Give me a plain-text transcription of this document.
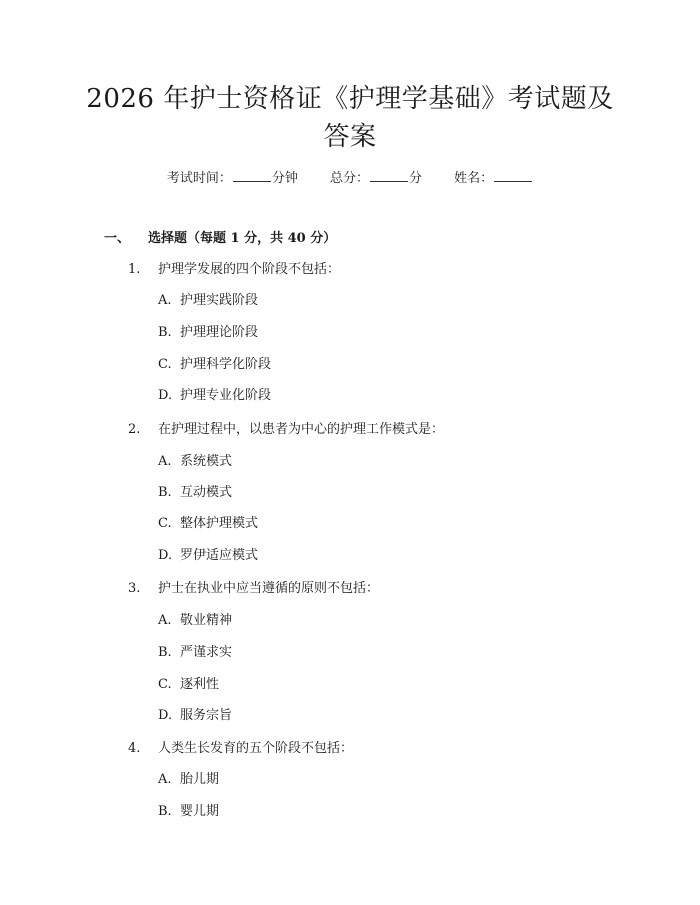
2026 年护士资格证《护理学基础》考试题及
答案
考试时间：	分钟 总分：	分 姓名：
一、 选择题（每题 1 分，共 40 分）
1. 护理学发展的四个阶段不包括：
A. 护理实践阶段
B. 护理理论阶段
C. 护理科学化阶段
D. 护理专业化阶段
2. 在护理过程中，以患者为中心的护理工作模式是：
A. 系统模式
B. 互动模式
C. 整体护理模式
D. 罗伊适应模式
3. 护士在执业中应当遵循的原则不包括：
A. 敬业精神
B. 严谨求实
C. 逐利性
D. 服务宗旨
4. 人类生长发育的五个阶段不包括：
A. 胎儿期
B. 婴儿期
